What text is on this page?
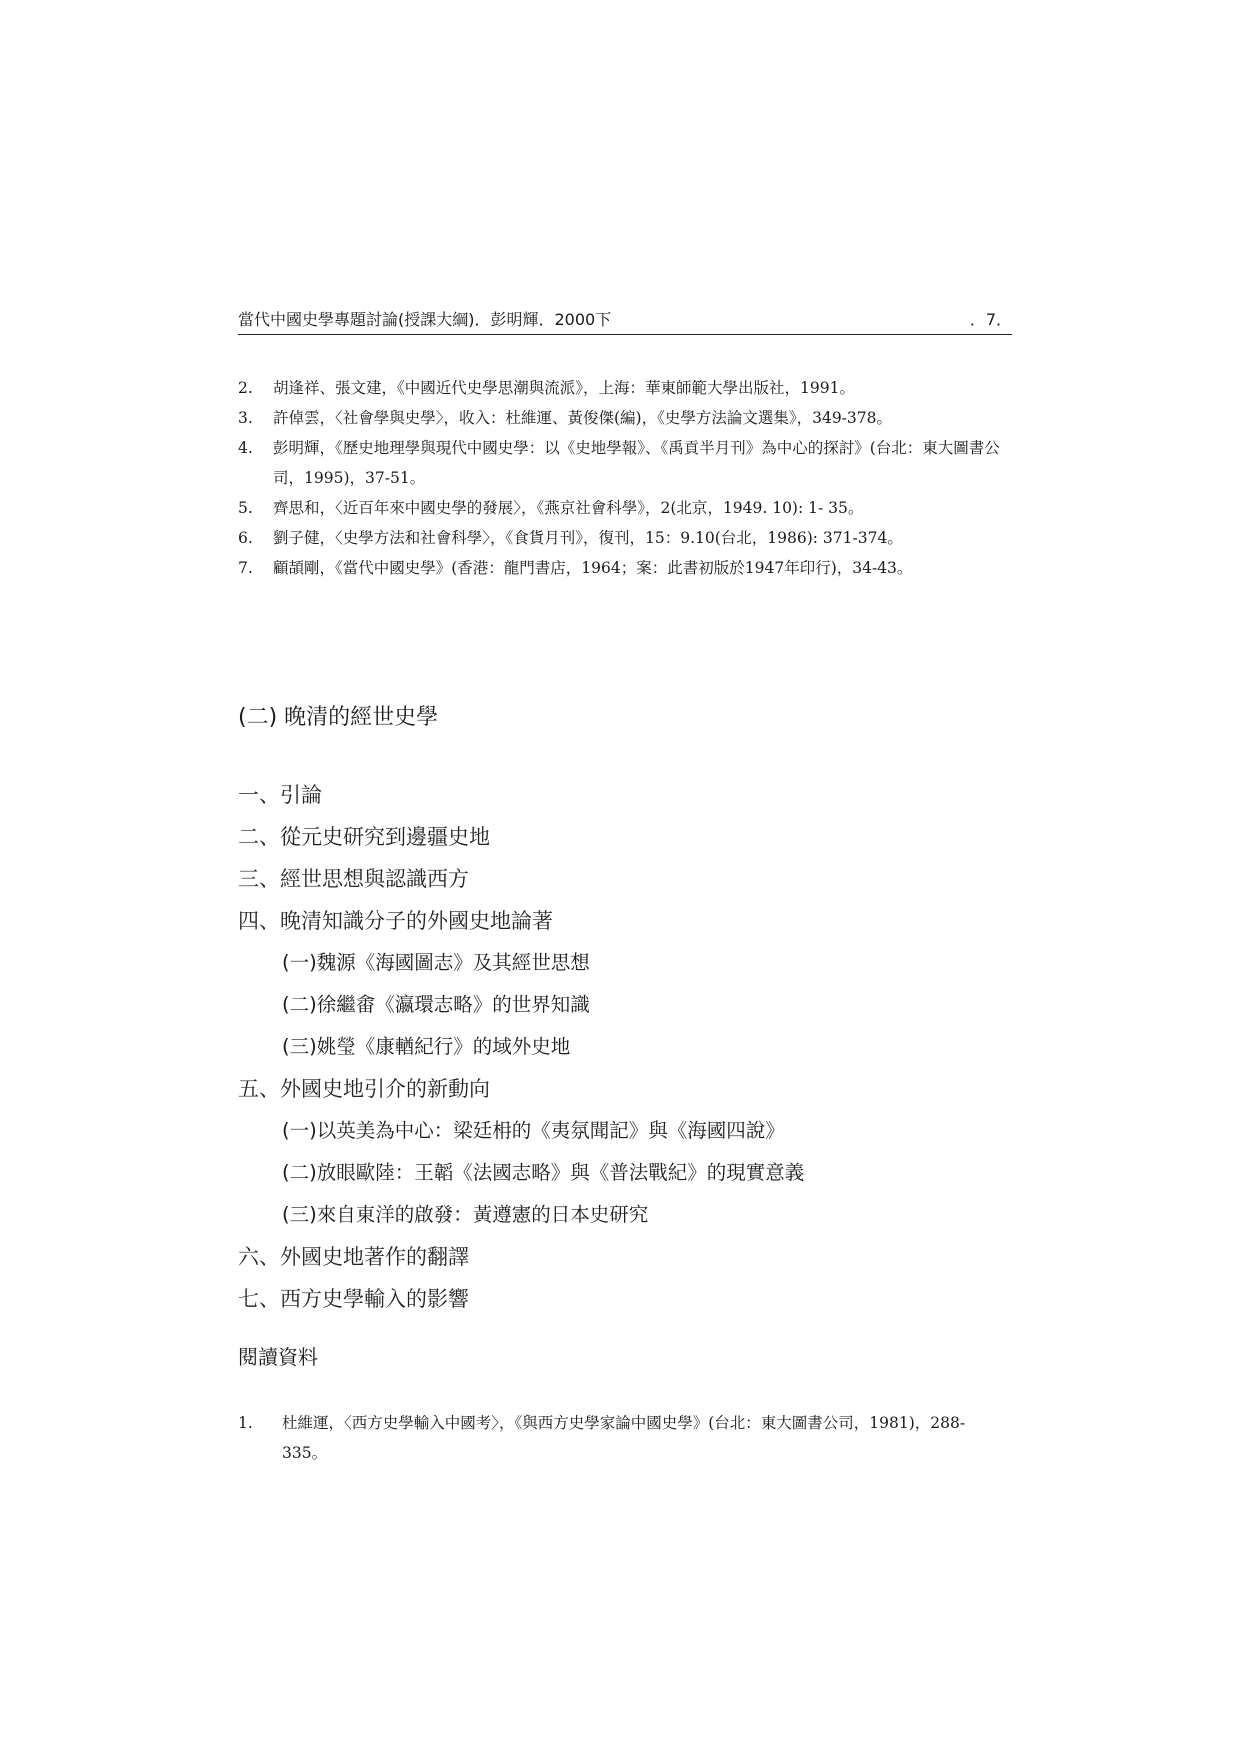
當代中國史學專題討論(授課大綱)．彭明輝．2000下	．7．
2. 胡逢祥、張文建，《中國近代史學思潮與流派》，上海：華東師範大學出版社，1991。
3. 許倬雲，〈社會學與史學〉，收入：杜維運、黃俊傑(編)，《史學方法論文選集》，349-378。
4. 彭明輝，《歷史地理學與現代中國史學：以《史地學報》、《禹貢半月刊》為中心的探討》(台北：東大圖書公司，1995)，37-51。
5. 齊思和，〈近百年來中國史學的發展〉，《燕京社會科學》，2(北京，1949. 10): 1- 35。
6. 劉子健，〈史學方法和社會科學〉，《食貨月刊》，復刊，15：9.10(台北，1986): 371-374。
7. 顧頡剛，《當代中國史學》(香港：龍門書店，1964；案：此書初版於1947年印行)，34-43。
(二) 晚清的經世史學
一、引論
二、從元史研究到邊疆史地
三、經世思想與認識西方
四、晚清知識分子的外國史地論著
(一)魏源《海國圖志》及其經世思想
(二)徐繼畬《瀛環志略》的世界知識
(三)姚瑩《康輶紀行》的域外史地
五、外國史地引介的新動向
(一)以英美為中心：梁廷枏的《夷氛聞記》與《海國四說》
(二)放眼歐陸：王韜《法國志略》與《普法戰紀》的現實意義
(三)來自東洋的啟發：黃遵憲的日本史研究
六、外國史地著作的翻譯
七、西方史學輸入的影響
閱讀資料
1. 杜維運，〈西方史學輸入中國考〉，《與西方史學家論中國史學》(台北：東大圖書公司，1981)，288- 335。
